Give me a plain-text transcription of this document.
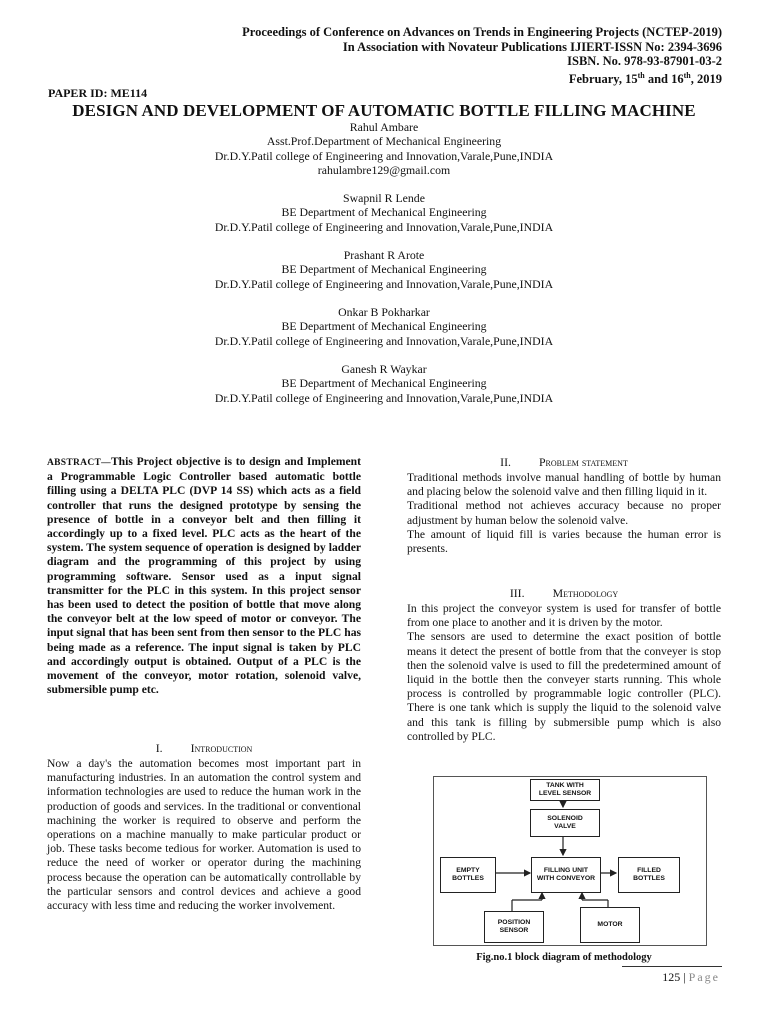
Proceedings of Conference on Advances on Trends in Engineering Projects (NCTEP-2019)
In Association with Novateur Publications IJIERT-ISSN No: 2394-3696
ISBN. No. 978-93-87901-03-2
February, 15th and 16th, 2019
PAPER ID: ME114
DESIGN AND DEVELOPMENT OF AUTOMATIC BOTTLE FILLING MACHINE
Rahul Ambare
Asst.Prof.Department of Mechanical Engineering
Dr.D.Y.Patil college of Engineering and Innovation,Varale,Pune,INDIA
rahulambre129@gmail.com
Swapnil R Lende
BE Department of Mechanical Engineering
Dr.D.Y.Patil college of Engineering and Innovation,Varale,Pune,INDIA
Prashant R Arote
BE Department of Mechanical Engineering
Dr.D.Y.Patil college of Engineering and Innovation,Varale,Pune,INDIA
Onkar B Pokharkar
BE Department of Mechanical Engineering
Dr.D.Y.Patil college of Engineering and Innovation,Varale,Pune,INDIA
Ganesh R Waykar
BE Department of Mechanical Engineering
Dr.D.Y.Patil college of Engineering and Innovation,Varale,Pune,INDIA
ABSTRACT—This Project objective is to design and Implement a Programmable Logic Controller based automatic bottle filling using a DELTA PLC (DVP 14 SS) which acts as a field controller that runs the designed prototype by sensing the presence of bottle in a conveyor belt and then filling it accordingly up to a fixed level. PLC acts as the heart of the system. The system sequence of operation is designed by ladder diagram and the programming of this project by using programming software. Sensor used as a input signal transmitter for the PLC in this system. In this project sensor has been used to detect the position of bottle that move along the conveyor belt at the low speed of motor or conveyor. The input signal that has been sent from then sensor to the PLC has being made as a reference. The input signal is taken by PLC and accordingly output is obtained. Output of a PLC is the movement of the conveyor, motor rotation, solenoid valve, submersible pump etc.
I. Introduction
Now a day's the automation becomes most important part in manufacturing industries. In an automation the control system and information technologies are used to reduce the human work in the production of goods and services. In the traditional or conventional machining the worker is required to observe and perform the operations on a machine manually to make particular product or job. These tasks become tedious for worker. Automation is used to reduce the need of worker or operator during the machining process because the operation can be automatically controllable by the particular sensors and control devices and achieve a good accuracy with less time and reducing the worker involvement.
II. Problem statement

Traditional methods involve manual handling of bottle by human and placing below the solenoid valve and then filling liquid in it.

Traditional method not achieves accuracy because no proper adjustment by human below the solenoid valve.

The amount of liquid fill is varies because the human error is presents.

III. Methodology

In this project the conveyor system is used for transfer of bottle from one place to another and it is driven by the motor.

The sensors are used to determine the exact position of bottle means it detect the present of bottle from that the conveyer is stop then the solenoid valve is used to fill the predetermined amount of liquid in the bottle then the conveyer starts running. This whole process is controlled by programmable logic controller (PLC). There is one tank which is supply the liquid to the solenoid valve and this tank is filling by submersible pump which is also controlled by PLC.

TANK WITH
LEVEL SENSOR
SOLENOID
VALVE
EMPTY
BOTTLES
FILLING UNIT
WITH CONVEYOR
FILLED
BOTTLES
POSITION
SENSOR
MOTOR
Fig.no.1 block diagram of methodology
125 | Page
